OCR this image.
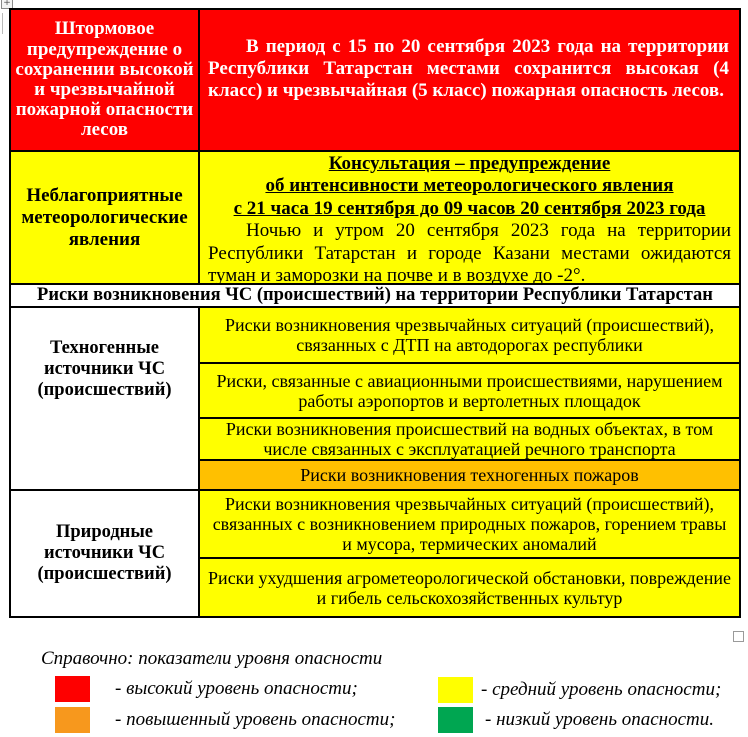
+
Штормовое предупреждение о сохранении высокой и чрезвычайной пожарной опасности лесов
В период с 15 по 20 сентября 2023 года на территории Республики Татарстан местами сохранится высокая (4 класс) и чрезвычайная (5 класс) пожарная опасность лесов.
Неблагоприятные метеорологические явления
Консультация – предупреждение
об интенсивности метеорологического явления
с 21 часа 19 сентября до 09 часов 20 сентября 2023 года
Ночью и утром 20 сентября 2023 года на территории Республики Татарстан и городе Казани местами ожидаются туман и заморозки на почве и в воздухе до -2°.
Риски возникновения ЧС (происшествий) на территории Республики Татарстан
Техногенные источники ЧС (происшествий)
Риски возникновения чрезвычайных ситуаций (происшествий), связанных с ДТП на автодорогах республики
Риски, связанные с авиационными происшествиями, нарушением работы аэропортов и вертолетных площадок
Риски возникновения происшествий на водных объектах, в том числе связанных с эксплуатацией речного транспорта
Риски возникновения техногенных пожаров
Природные источники ЧС (происшествий)
Риски возникновения чрезвычайных ситуаций (происшествий), связанных с возникновением природных пожаров, горением травы и мусора, термических аномалий
Риски ухудшения агрометеорологической обстановки, повреждение и гибель сельскохозяйственных культур
Справочно: показатели уровня опасности
- высокий уровень опасности;	- средний уровень опасности;
- повышенный уровень опасности;	- низкий уровень опасности.
